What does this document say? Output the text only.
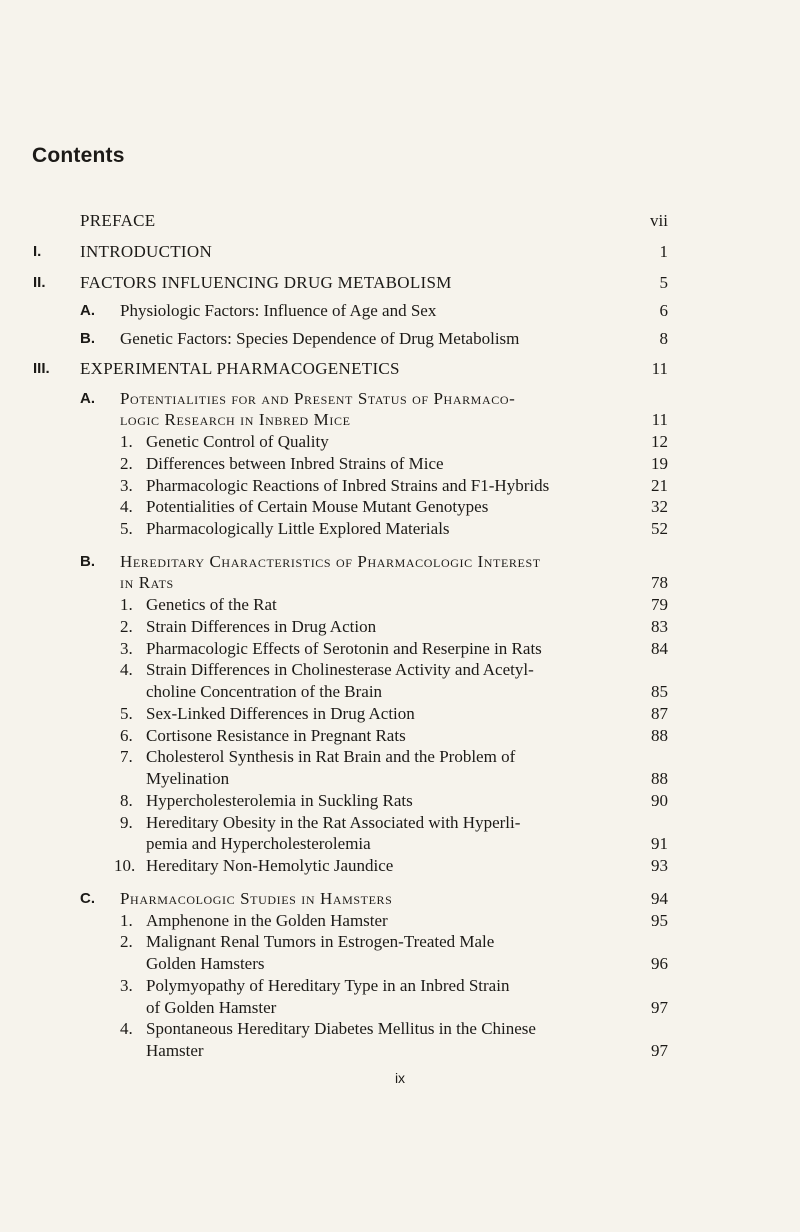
Contents
PREFACE	vii
I. INTRODUCTION	1
II. FACTORS INFLUENCING DRUG METABOLISM	5
A. Physiologic Factors: Influence of Age and Sex	6
B. Genetic Factors: Species Dependence of Drug Metabolism	8
III. EXPERIMENTAL PHARMACOGENETICS	11
A. Potentialities for and Present Status of Pharmaco-
logic Research in Inbred Mice	11
1. Genetic Control of Quality	12
2. Differences between Inbred Strains of Mice	19
3. Pharmacologic Reactions of Inbred Strains and F1-Hybrids	21
4. Potentialities of Certain Mouse Mutant Genotypes	32
5. Pharmacologically Little Explored Materials	52
B. Hereditary Characteristics of Pharmacologic Interest
in Rats	78
1. Genetics of the Rat	79
2. Strain Differences in Drug Action	83
3. Pharmacologic Effects of Serotonin and Reserpine in Rats	84
4. Strain Differences in Cholinesterase Activity and Acetyl-
choline Concentration of the Brain	85
5. Sex-Linked Differences in Drug Action	87
6. Cortisone Resistance in Pregnant Rats	88
7. Cholesterol Synthesis in Rat Brain and the Problem of
Myelination	88
8. Hypercholesterolemia in Suckling Rats	90
9. Hereditary Obesity in the Rat Associated with Hyperli-
pemia and Hypercholesterolemia	91
10. Hereditary Non-Hemolytic Jaundice	93
C. Pharmacologic Studies in Hamsters	94
1. Amphenone in the Golden Hamster	95
2. Malignant Renal Tumors in Estrogen-Treated Male
Golden Hamsters	96
3. Polymyopathy of Hereditary Type in an Inbred Strain
of Golden Hamster	97
4. Spontaneous Hereditary Diabetes Mellitus in the Chinese
Hamster	97
ix
